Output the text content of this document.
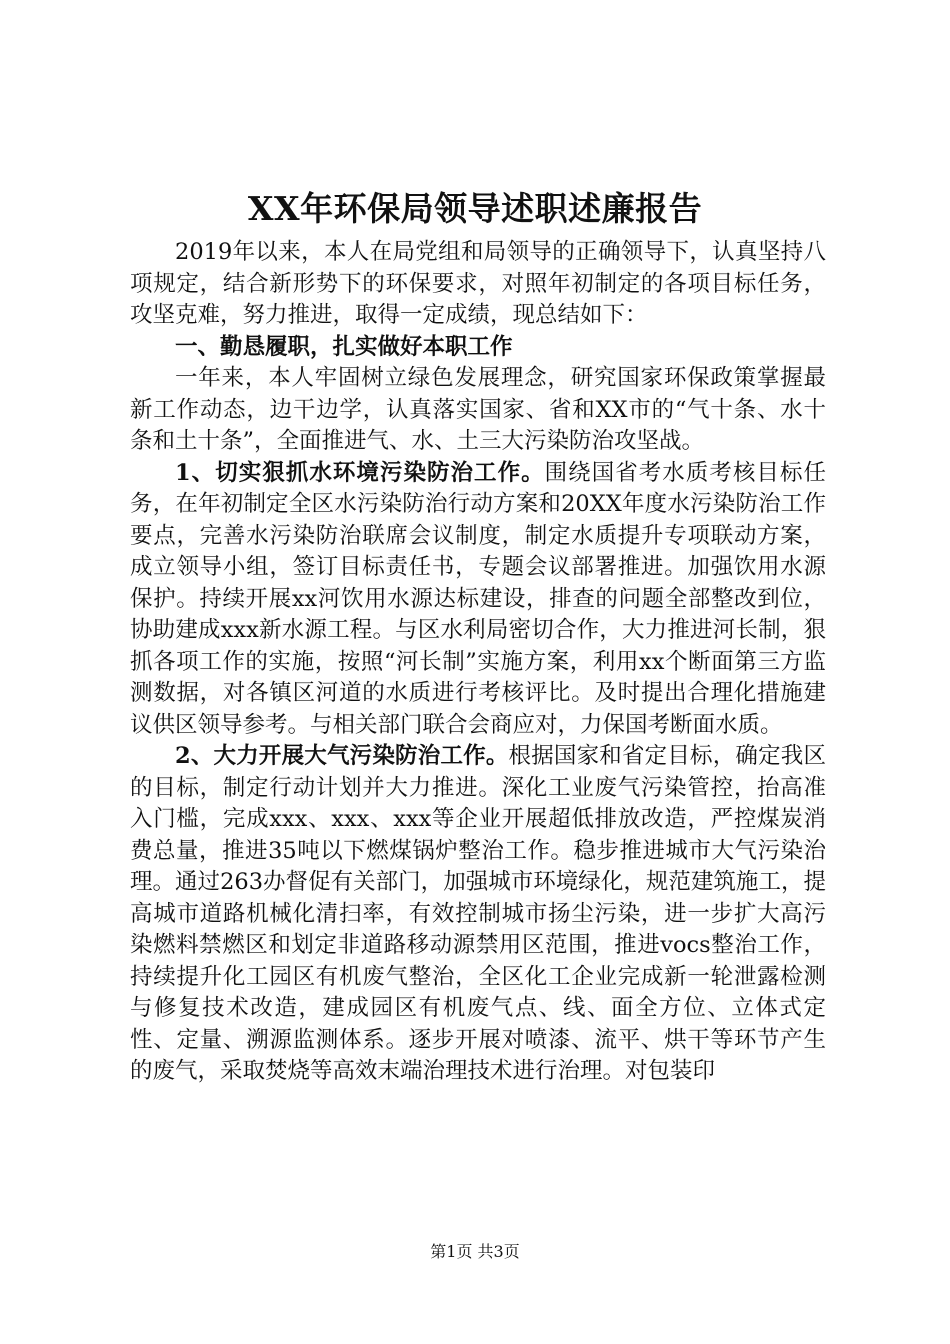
XX年环保局领导述职述廉报告

2019年以来，本人在局党组和局领导的正确领导下，认真坚持八项规定，结合新形势下的环保要求，对照年初制定的各项目标任务，攻坚克难，努力推进，取得一定成绩，现总结如下：

一、勤恳履职，扎实做好本职工作

一年来，本人牢固树立绿色发展理念，研究国家环保政策掌握最新工作动态，边干边学，认真落实国家、省和XX市的“气十条、水十条和土十条”，全面推进气、水、土三大污染防治攻坚战。

1、切实狠抓水环境污染防治工作。围绕国省考水质考核目标任务，在年初制定全区水污染防治行动方案和20XX年度水污染防治工作要点，完善水污染防治联席会议制度，制定水质提升专项联动方案，成立领导小组，签订目标责任书，专题会议部署推进。加强饮用水源保护。持续开展xx河饮用水源达标建设，排查的问题全部整改到位，协助建成xxx新水源工程。与区水利局密切合作，大力推进河长制，狠抓各项工作的实施，按照“河长制”实施方案，利用xx个断面第三方监测数据，对各镇区河道的水质进行考核评比。及时提出合理化措施建议供区领导参考。与相关部门联合会商应对，力保国考断面水质。

2、大力开展大气污染防治工作。根据国家和省定目标，确定我区的目标，制定行动计划并大力推进。深化工业废气污染管控，抬高准入门槛，完成xxx、xxx、xxx等企业开展超低排放改造，严控煤炭消费总量，推进35吨以下燃煤锅炉整治工作。稳步推进城市大气污染治理。通过263办督促有关部门，加强城市环境绿化，规范建筑施工，提高城市道路机械化清扫率，有效控制城市扬尘污染，进一步扩大高污染燃料禁燃区和划定非道路移动源禁用区范围，推进vocs整治工作，持续提升化工园区有机废气整治，全区化工企业完成新一轮泄露检测与修复技术改造，建成园区有机废气点、线、面全方位、立体式定性、定量、溯源监测体系。逐步开展对喷漆、流平、烘干等环节产生的废气，采取焚烧等高效末端治理技术进行治理。对包装印

第1页 共3页
